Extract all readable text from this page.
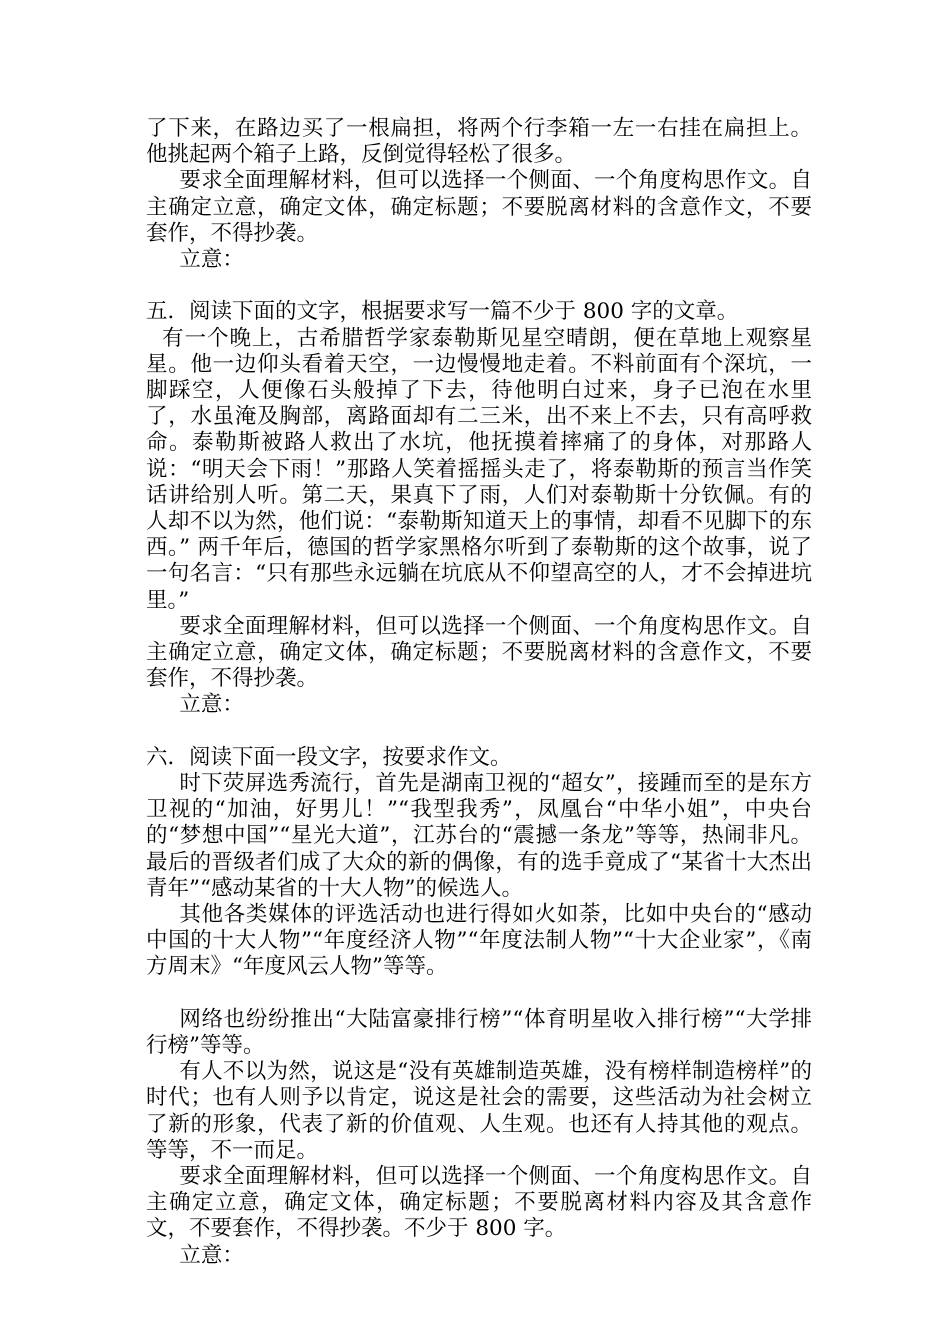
了下来，在路边买了一根扁担，将两个行李箱一左一右挂在扁担上。他挑起两个箱子上路，反倒觉得轻松了很多。

要求全面理解材料，但可以选择一个侧面、一个角度构思作文。自主确定立意，确定文体，确定标题；不要脱离材料的含意作文，不要套作，不得抄袭。

立意：

五．阅读下面的文字，根据要求写一篇不少于 800 字的文章。

有一个晚上，古希腊哲学家泰勒斯见星空晴朗，便在草地上观察星星。他一边仰头看着天空，一边慢慢地走着。不料前面有个深坑，一脚踩空，人便像石头般掉了下去，待他明白过来，身子已泡在水里了，水虽淹及胸部，离路面却有二三米，出不来上不去，只有高呼救命。泰勒斯被路人救出了水坑，他抚摸着摔痛了的身体，对那路人说：“明天会下雨！”那路人笑着摇摇头走了，将泰勒斯的预言当作笑话讲给别人听。第二天，果真下了雨，人们对泰勒斯十分钦佩。有的人却不以为然，他们说：“泰勒斯知道天上的事情，却看不见脚下的东西。” 两千年后，德国的哲学家黑格尔听到了泰勒斯的这个故事，说了一句名言：“只有那些永远躺在坑底从不仰望高空的人，才不会掉进坑里。”

要求全面理解材料，但可以选择一个侧面、一个角度构思作文。自主确定立意，确定文体，确定标题；不要脱离材料的含意作文，不要套作，不得抄袭。

立意：

六．阅读下面一段文字，按要求作文。

时下荧屏选秀流行，首先是湖南卫视的“超女”，接踵而至的是东方卫视的“加油，好男儿！”“我型我秀”，凤凰台“中华小姐”，中央台的“梦想中国”“星光大道”，江苏台的“震撼一条龙”等等，热闹非凡。最后的晋级者们成了大众的新的偶像，有的选手竟成了“某省十大杰出青年”“感动某省的十大人物”的候选人。

其他各类媒体的评选活动也进行得如火如荼，比如中央台的“感动中国的十大人物”“年度经济人物”“年度法制人物”“十大企业家”，《南方周末》“年度风云人物”等等。

网络也纷纷推出“大陆富豪排行榜”“体育明星收入排行榜”“大学排行榜”等等。

有人不以为然，说这是“没有英雄制造英雄，没有榜样制造榜样”的时代；也有人则予以肯定，说这是社会的需要，这些活动为社会树立了新的形象，代表了新的价值观、人生观。也还有人持其他的观点。等等，不一而足。

要求全面理解材料，但可以选择一个侧面、一个角度构思作文。自主确定立意，确定文体，确定标题；不要脱离材料内容及其含意作文，不要套作，不得抄袭。不少于 800 字。

立意：
